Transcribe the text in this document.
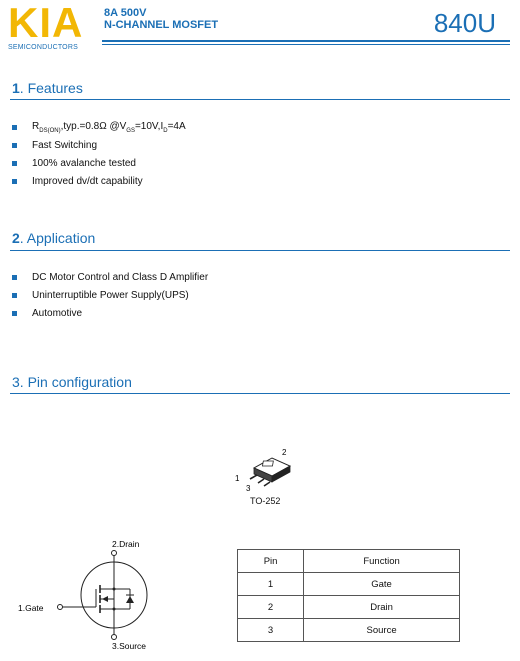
KIA
SEMICONDUCTORS
8A 500V
N-CHANNEL MOSFET	840U
1. Features
$R_{DS(ON)},typ.=0.8\Omega$ $@V_{GS}=10V,I_D=4A$
Fast Switching
100% avalanche tested
Improved dv/dt capability
2. Application
DC Motor Control and Class D Amplifier
Uninterruptible Power Supply(UPS)
Automotive
3. Pin configuration
2
1
3
TO-252
2.Drain
1.Gate
3.Source
Pin	Function
1	Gate
2	Drain
3	Source
